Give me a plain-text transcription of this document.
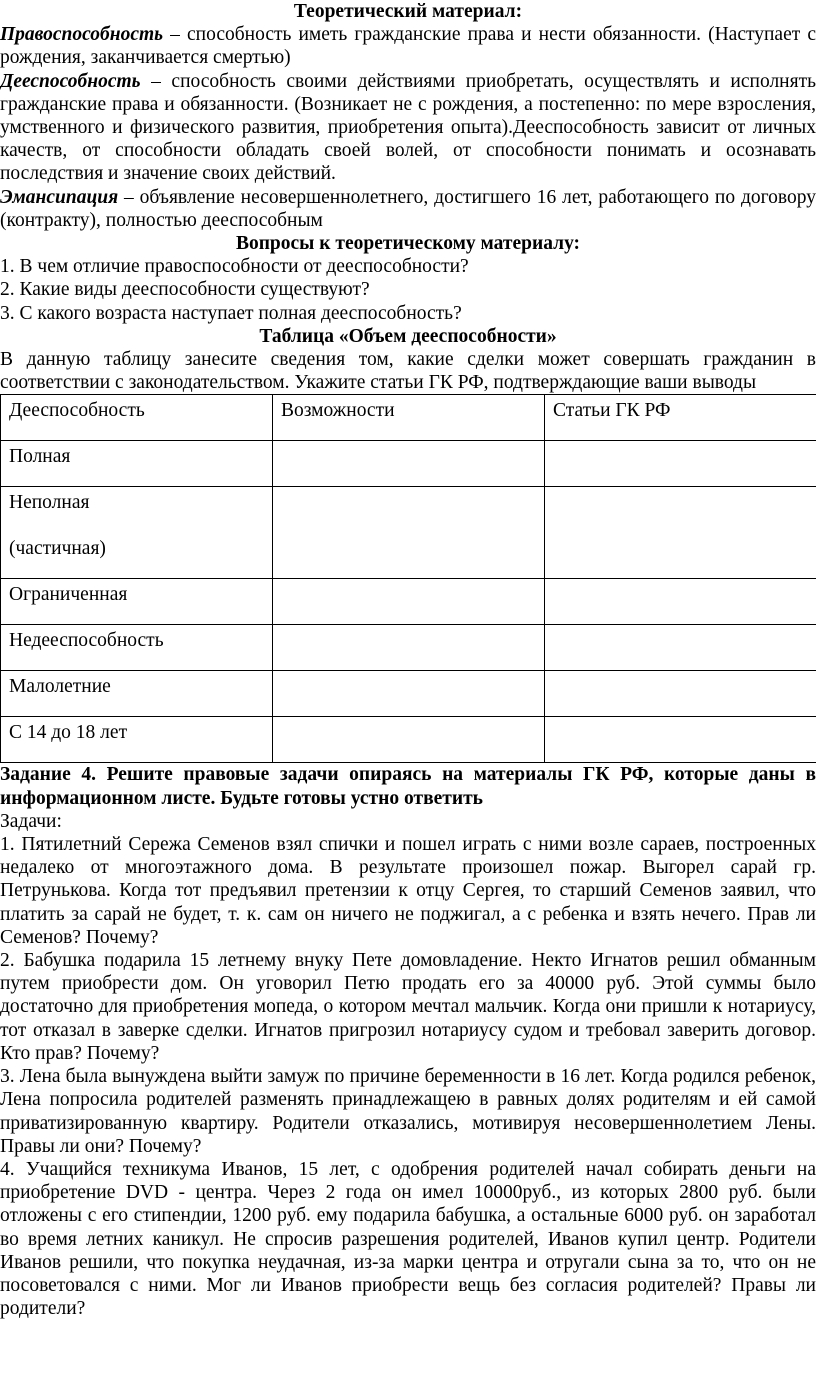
Теоретический материал:

Правоспособность – способность иметь гражданские права и нести обязанности. (Наступает с рождения, заканчивается смертью)

Дееспособность – способность своими действиями приобретать, осуществлять и исполнять гражданские права и обязанности. (Возникает не с рождения, а постепенно: по мере взросления, умственного и физического развития, приобретения опыта).Дееспособность зависит от личных качеств, от способности обладать своей волей, от способности понимать и осознавать последствия и значение своих действий.

Эмансипация – объявление несовершеннолетнего, достигшего 16 лет, работающего по договору (контракту), полностью дееспособным

Вопросы к теоретическому материалу:

1. В чем отличие правоспособности от дееспособности?

2. Какие виды дееспособности существуют?

3. С какого возраста наступает полная дееспособность?

Таблица «Объем дееспособности»

В данную таблицу занесите сведения том, какие сделки может совершать гражданин в соответствии с законодательством. Укажите статьи ГК РФ, подтверждающие ваши выводы

Дееспособность	Возможности	Статьи ГК РФ
Полная		
Неполная
(частичная)		

Ограниченная		
Недееспособность		
Малолетние		
С 14 до 18 лет		

Задание 4. Решите правовые задачи опираясь на материалы ГК РФ, которые даны в информационном листе. Будьте готовы устно ответить

Задачи:

1. Пятилетний Сережа Семенов взял спички и пошел играть с ними возле сараев, построенных недалеко от многоэтажного дома. В результате произошел пожар. Выгорел сарай гр. Петрунькова. Когда тот предъявил претензии к отцу Сергея, то старший Семенов заявил, что платить за сарай не будет, т. к. сам он ничего не поджигал, а с ребенка и взять нечего. Прав ли Семенов? Почему?

2. Бабушка подарила 15 летнему внуку Пете домовладение. Некто Игнатов решил обманным путем приобрести дом. Он уговорил Петю продать его за 40000 руб. Этой суммы было достаточно для приобретения мопеда, о котором мечтал мальчик. Когда они пришли к нотариусу, тот отказал в заверке сделки. Игнатов пригрозил нотариусу судом и требовал заверить договор. Кто прав? Почему?

3. Лена была вынуждена выйти замуж по причине беременности в 16 лет. Когда родился ребенок, Лена попросила родителей разменять принадлежащею в равных долях родителям и ей самой приватизированную квартиру. Родители отказались, мотивируя несовершеннолетием Лены. Правы ли они? Почему?

4. Учащийся техникума Иванов, 15 лет, с одобрения родителей начал собирать деньги на приобретение DVD - центра. Через 2 года он имел 10000руб., из которых 2800 руб. были отложены с его стипендии, 1200 руб. ему подарила бабушка, а остальные 6000 руб. он заработал во время летних каникул. Не спросив разрешения родителей, Иванов купил центр. Родители Иванов решили, что покупка неудачная, из-за марки центра и отругали сына за то, что он не посоветовался с ними. Мог ли Иванов приобрести вещь без согласия родителей? Правы ли родители?
